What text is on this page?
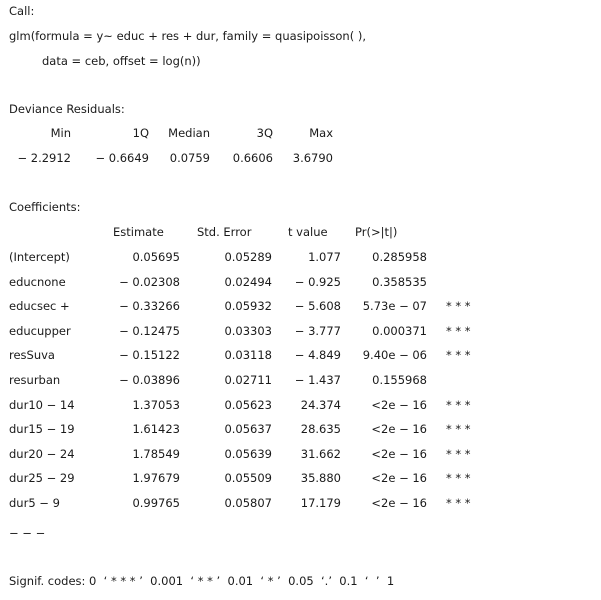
Call:
glm(formula = y~ educ + res + dur, family = quasipoisson( ),
data = ceb, offset = log(n))
Deviance Residuals:
Min	1Q	Median	3Q	Max
− 2.2912	− 0.6649	0.0759	0.6606	3.6790
Coefficients:
Estimate	Std. Error	t value Pr(>|t|)
(Intercept)	0.05695	0.05289	1.077	0.285958
educnone	− 0.02308	0.02494	− 0.925	0.358535
educsec +	− 0.33266	0.05932	− 5.608	5.73e − 07 * * *
educupper	− 0.12475	0.03303	− 3.777	0.000371 * * *
resSuva	− 0.15122	0.03118	− 4.849	9.40e − 06 * * *
resurban	− 0.03896	0.02711	− 1.437	0.155968
dur10 − 14	1.37053	0.05623	24.374	<2e − 16 * * *
dur15 − 19	1.61423	0.05637	28.635	<2e − 16 * * *
dur20 − 24	1.78549	0.05639	31.662	<2e − 16 * * *
dur25 − 29	1.97679	0.05509	35.880	<2e − 16 * * *
dur5 − 9	0.99765	0.05807	17.179	<2e − 16 * * *
− − −
Signif. codes: 0  ‘ * * * ’  0.001  ‘ * * ’  0.01  ‘ * ’  0.05  ‘.’  0.1  ‘  ’  1
